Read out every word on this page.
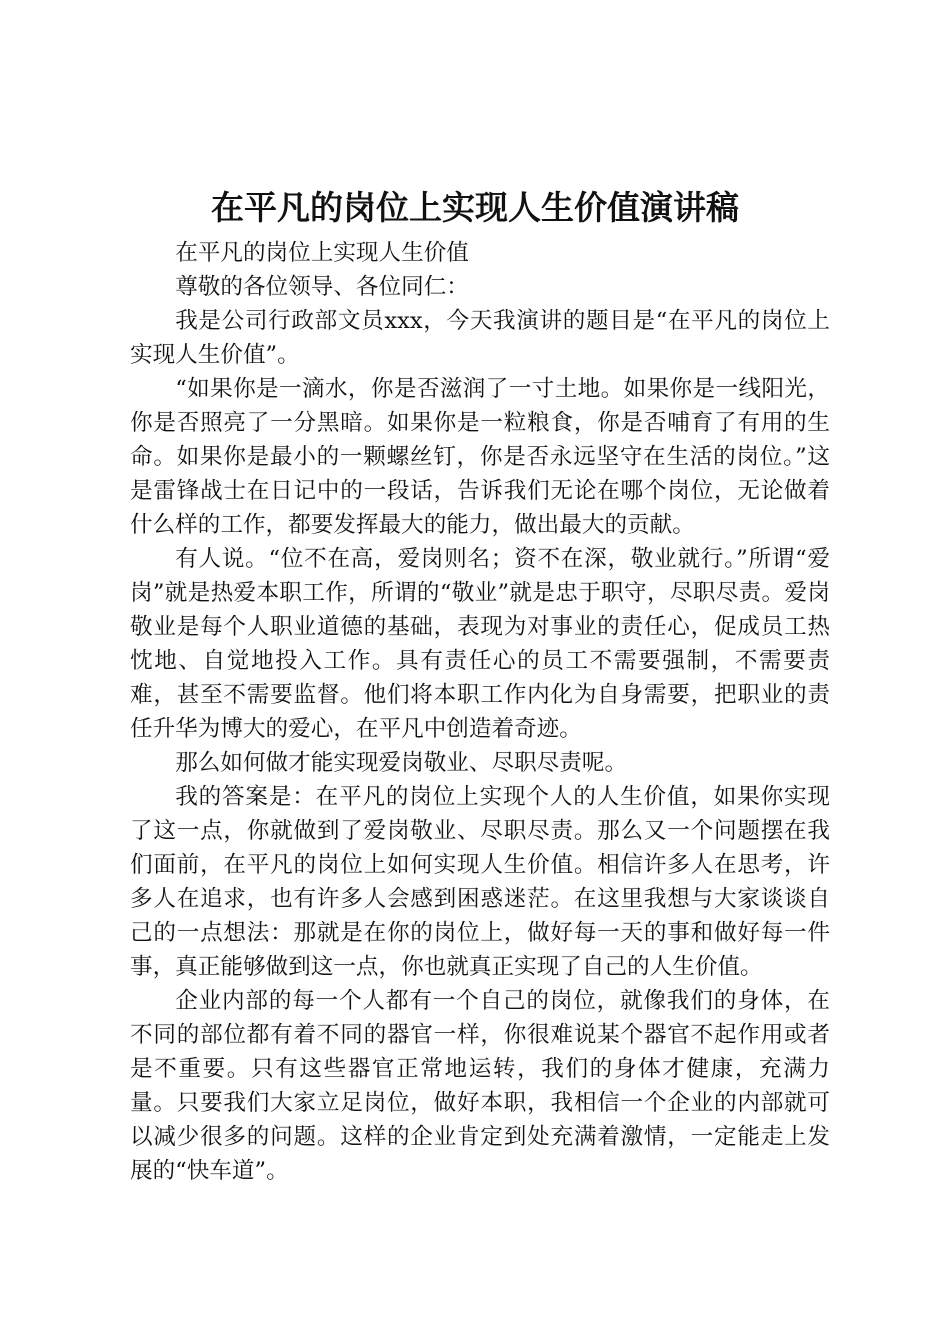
在平凡的岗位上实现人生价值演讲稿

在平凡的岗位上实现人生价值

尊敬的各位领导、各位同仁：

我是公司行政部文员xxx，今天我演讲的题目是“在平凡的岗位上实现人生价值”。

“如果你是一滴水，你是否滋润了一寸土地。如果你是一线阳光，你是否照亮了一分黑暗。如果你是一粒粮食，你是否哺育了有用的生命。如果你是最小的一颗螺丝钉，你是否永远坚守在生活的岗位。”这是雷锋战士在日记中的一段话，告诉我们无论在哪个岗位，无论做着什么样的工作，都要发挥最大的能力，做出最大的贡献。

有人说。“位不在高，爱岗则名；资不在深，敬业就行。”所谓“爱岗”就是热爱本职工作，所谓的“敬业”就是忠于职守，尽职尽责。爱岗敬业是每个人职业道德的基础，表现为对事业的责任心，促成员工热忱地、自觉地投入工作。具有责任心的员工不需要强制，不需要责难，甚至不需要监督。他们将本职工作内化为自身需要，把职业的责任升华为博大的爱心，在平凡中创造着奇迹。

那么如何做才能实现爱岗敬业、尽职尽责呢。

我的答案是：在平凡的岗位上实现个人的人生价值，如果你实现了这一点，你就做到了爱岗敬业、尽职尽责。那么又一个问题摆在我们面前，在平凡的岗位上如何实现人生价值。相信许多人在思考，许多人在追求，也有许多人会感到困惑迷茫。在这里我想与大家谈谈自己的一点想法：那就是在你的岗位上，做好每一天的事和做好每一件事，真正能够做到这一点，你也就真正实现了自己的人生价值。

企业内部的每一个人都有一个自己的岗位，就像我们的身体，在不同的部位都有着不同的器官一样，你很难说某个器官不起作用或者是不重要。只有这些器官正常地运转，我们的身体才健康，充满力量。只要我们大家立足岗位，做好本职，我相信一个企业的内部就可以减少很多的问题。这样的企业肯定到处充满着激情，一定能走上发展的“快车道”。
